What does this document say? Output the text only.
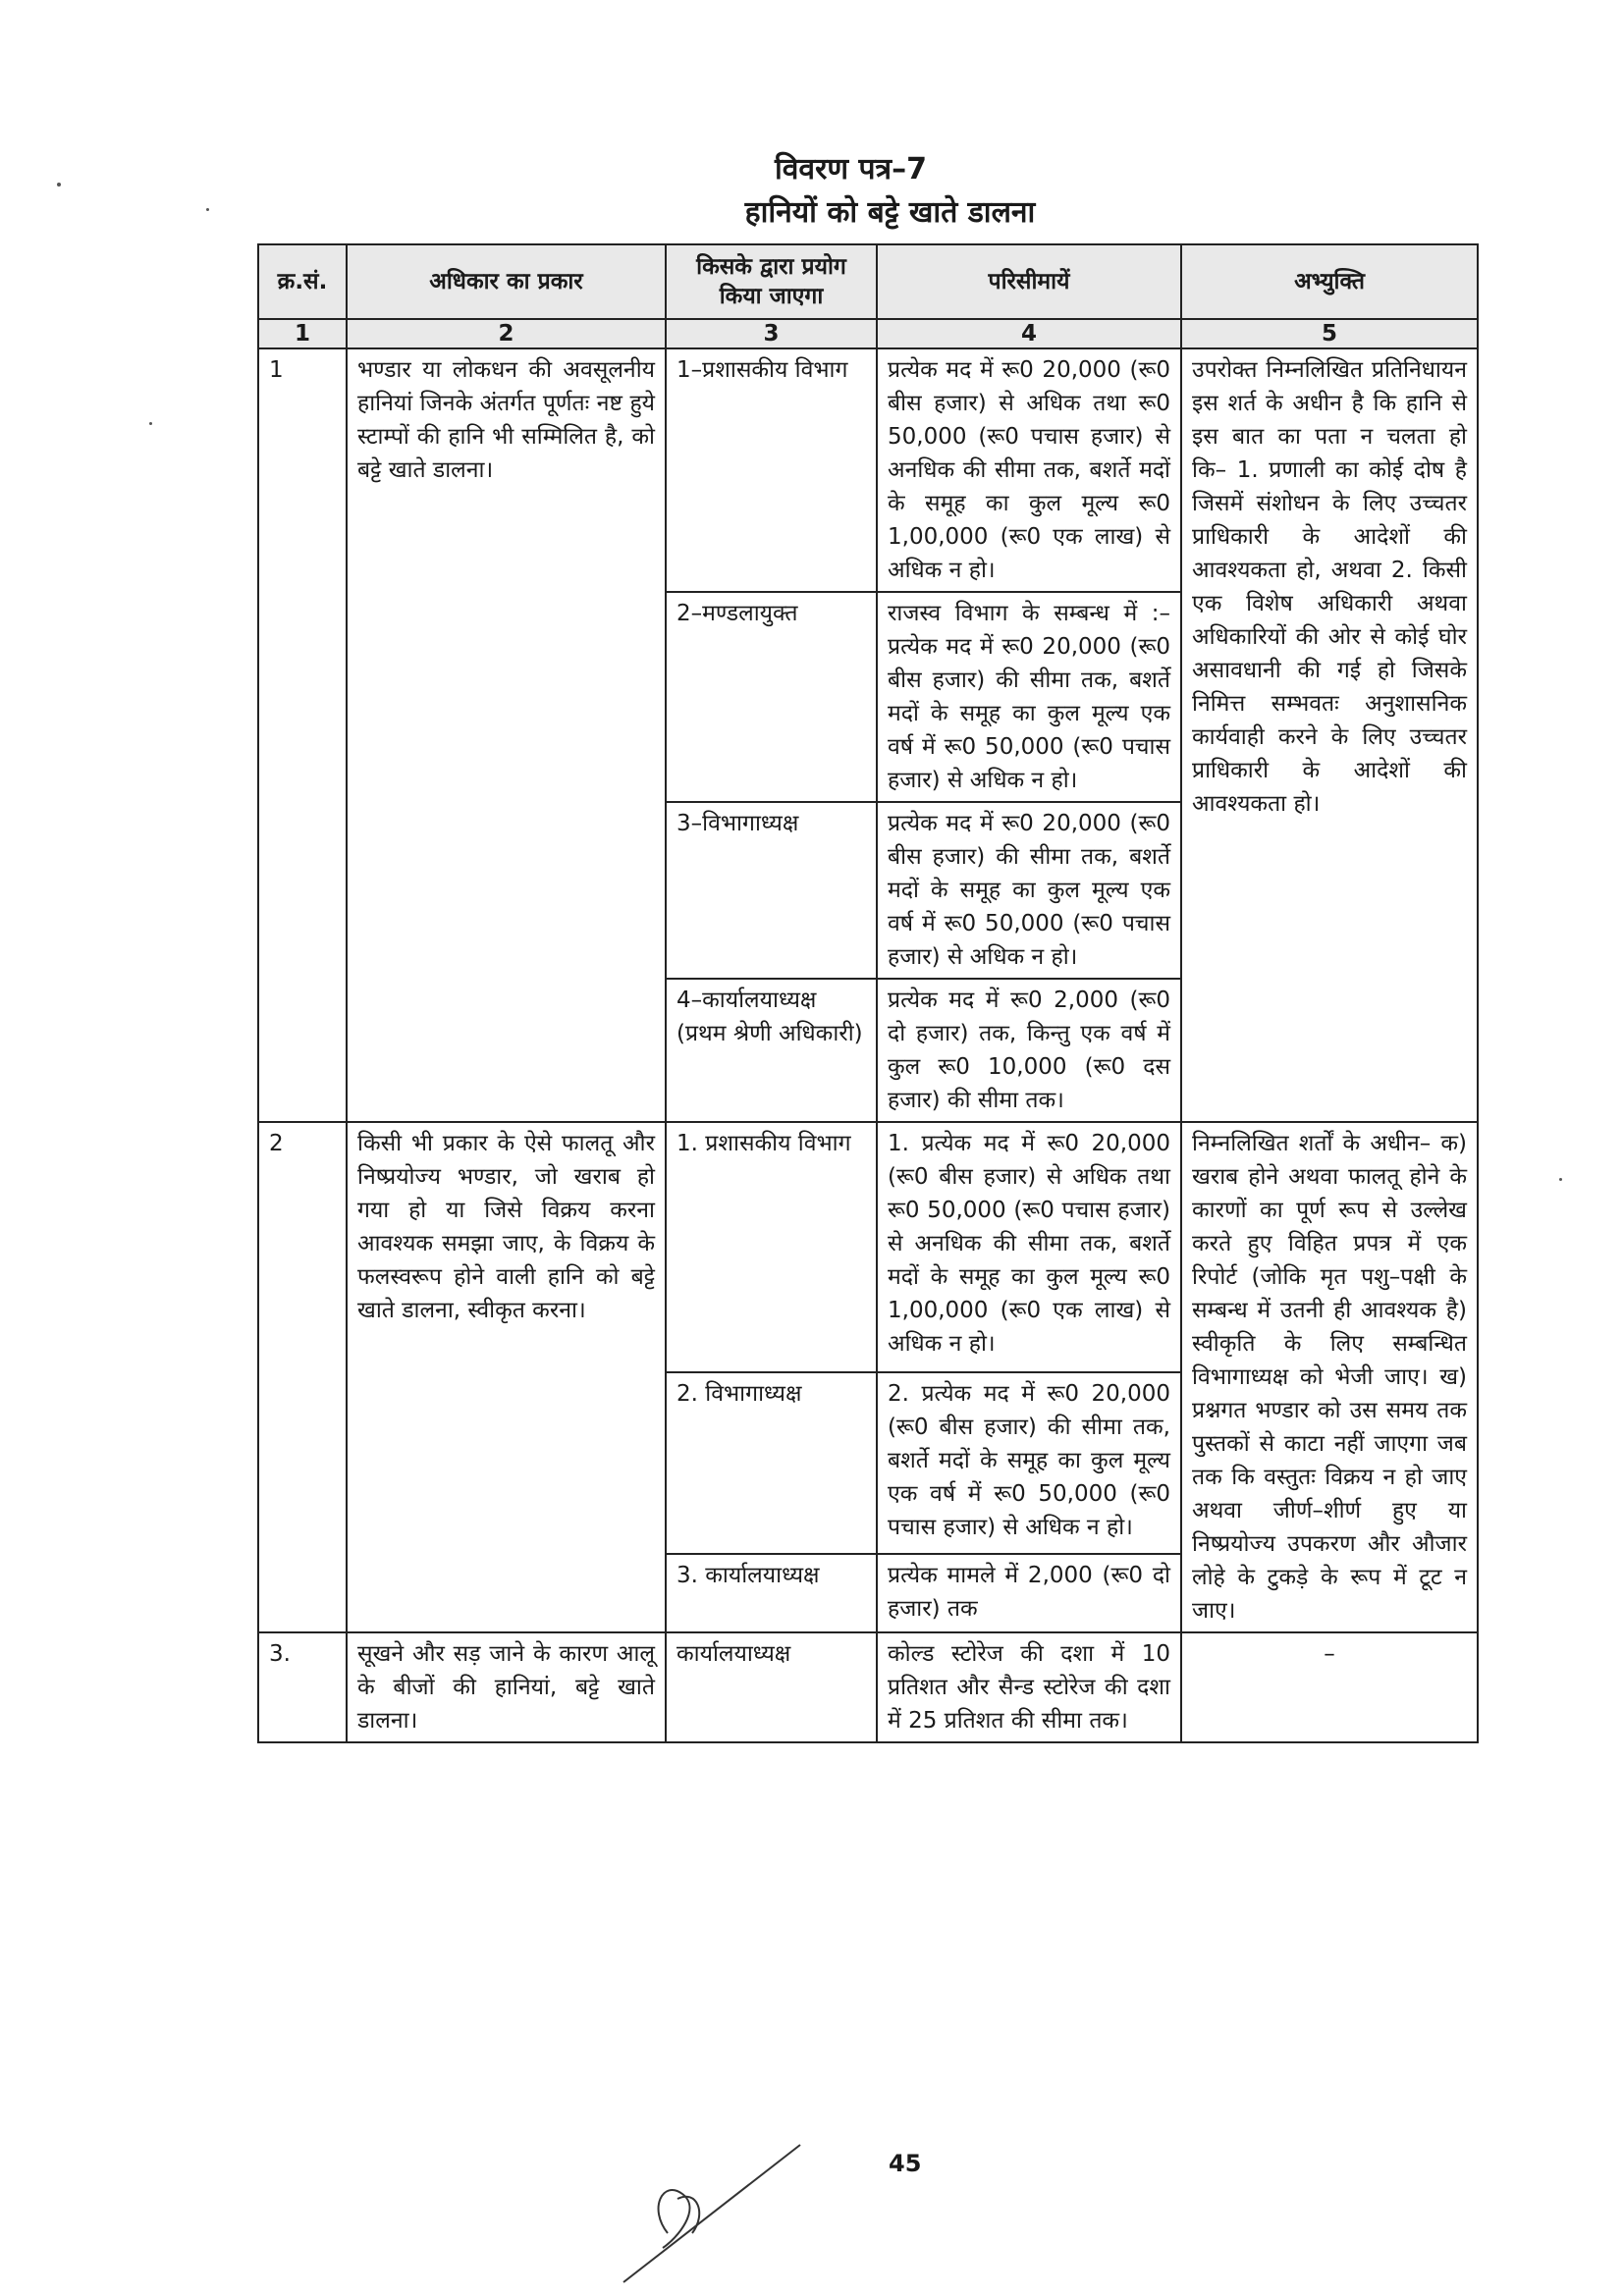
विवरण पत्र–7
हानियों को बट्टे खाते डालना
क्र.सं.	अधिकार का प्रकार	किसके द्वारा प्रयोग किया जाएगा	परिसीमायें	अभ्युक्ति
1	2	3	4	5
1	भण्डार या लोकधन की अवसूलनीय हानियां जिनके अंतर्गत पूर्णतः नष्ट हुये स्टाम्पों की हानि भी सम्मिलित है, को बट्टे खाते डालना।	1–प्रशासकीय विभाग	प्रत्येक मद में रू0 20,000 (रू0 बीस हजार) से अधिक तथा रू0 50,000 (रू0 पचास हजार) से अनधिक की सीमा तक, बशर्ते मदों के समूह का कुल मूल्य रू0 1,00,000 (रू0 एक लाख) से अधिक न हो।	उपरोक्त निम्नलिखित प्रतिनिधायन इस शर्त के अधीन है कि हानि से इस बात का पता न चलता हो कि– 1. प्रणाली का कोई दोष है जिसमें संशोधन के लिए उच्चतर प्राधिकारी के आदेशों की आवश्यकता हो, अथवा 2. किसी एक विशेष अधिकारी अथवा अधिकारियों की ओर से कोई घोर असावधानी की गई हो जिसके निमित्त सम्भवतः अनुशासनिक कार्यवाही करने के लिए उच्चतर प्राधिकारी के आदेशों की आवश्यकता हो।
		2–मण्डलायुक्त	राजस्व विभाग के सम्बन्ध में :– प्रत्येक मद में रू0 20,000 (रू0 बीस हजार) की सीमा तक, बशर्ते मदों के समूह का कुल मूल्य एक वर्ष में रू0 50,000 (रू0 पचास हजार) से अधिक न हो।	
		3–विभागाध्यक्ष	प्रत्येक मद में रू0 20,000 (रू0 बीस हजार) की सीमा तक, बशर्ते मदों के समूह का कुल मूल्य एक वर्ष में रू0 50,000 (रू0 पचास हजार) से अधिक न हो।	
		4–कार्यालयाध्यक्ष (प्रथम श्रेणी अधिकारी)	प्रत्येक मद में रू0 2,000 (रू0 दो हजार) तक, किन्तु एक वर्ष में कुल रू0 10,000 (रू0 दस हजार) की सीमा तक।	
2	किसी भी प्रकार के ऐसे फालतू और निष्प्रयोज्य भण्डार, जो खराब हो गया हो या जिसे विक्रय करना आवश्यक समझा जाए, के विक्रय के फलस्वरूप होने वाली हानि को बट्टे खाते डालना, स्वीकृत करना।	1. प्रशासकीय विभाग	1. प्रत्येक मद में रू0 20,000 (रू0 बीस हजार) से अधिक तथा रू0 50,000 (रू0 पचास हजार) से अनधिक की सीमा तक, बशर्ते मदों के समूह का कुल मूल्य रू0 1,00,000 (रू0 एक लाख) से अधिक न हो।	निम्नलिखित शर्तों के अधीन– क) खराब होने अथवा फालतू होने के कारणों का पूर्ण रूप से उल्लेख करते हुए विहित प्रपत्र में एक रिपोर्ट (जोकि मृत पशु–पक्षी के सम्बन्ध में उतनी ही आवश्यक है) स्वीकृति के लिए सम्बन्धित विभागाध्यक्ष को भेजी जाए। ख) प्रश्नगत भण्डार को उस समय तक पुस्तकों से काटा नहीं जाएगा जब तक कि वस्तुतः विक्रय न हो जाए अथवा जीर्ण–शीर्ण हुए या निष्प्रयोज्य उपकरण और औजार लोहे के टुकड़े के रूप में टूट न जाए।
		2. विभागाध्यक्ष	2. प्रत्येक मद में रू0 20,000 (रू0 बीस हजार) की सीमा तक, बशर्ते मदों के समूह का कुल मूल्य एक वर्ष में रू0 50,000 (रू0 पचास हजार) से अधिक न हो।	
		3. कार्यालयाध्यक्ष	प्रत्येक मामले में 2,000 (रू0 दो हजार) तक	
3.	सूखने और सड़ जाने के कारण आलू के बीजों की हानियां, बट्टे खाते डालना।	कार्यालयाध्यक्ष	कोल्ड स्टोरेज की दशा में 10 प्रतिशत और सैन्ड स्टोरेज की दशा में 25 प्रतिशत की सीमा तक।	–
45
